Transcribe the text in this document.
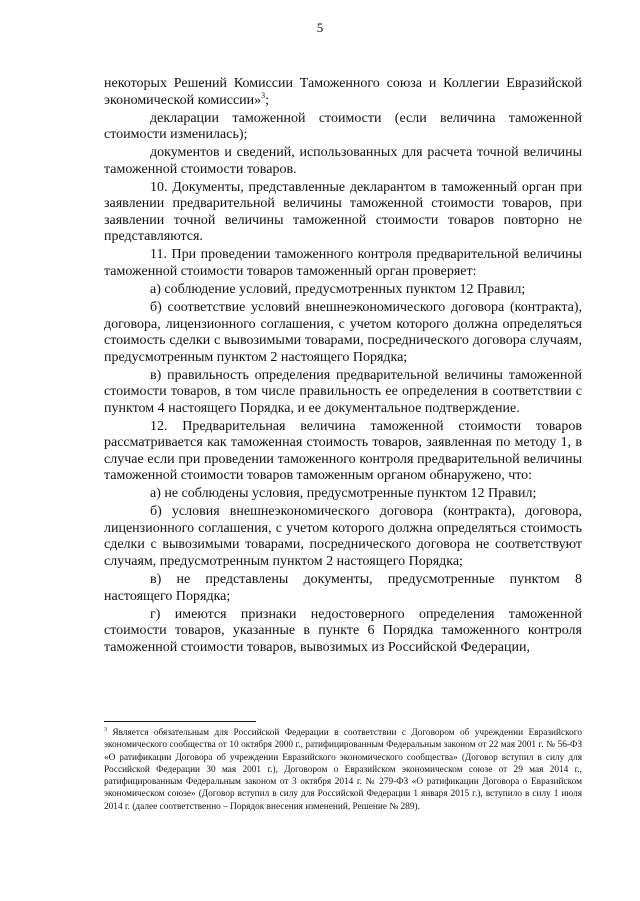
5

некоторых Решений Комиссии Таможенного союза и Коллегии Евразийской экономической комиссии»$^3$;

декларации таможенной стоимости (если величина таможенной стоимости изменилась);

документов и сведений, использованных для расчета точной величины таможенной стоимости товаров.

10. Документы, представленные декларантом в таможенный орган при заявлении предварительной величины таможенной стоимости товаров, при заявлении точной величины таможенной стоимости товаров повторно не представляются.

11. При проведении таможенного контроля предварительной величины таможенной стоимости товаров таможенный орган проверяет:

а) соблюдение условий, предусмотренных пунктом 12 Правил;

б) соответствие условий внешнеэкономического договора (контракта), договора, лицензионного соглашения, с учетом которого должна определяться стоимость сделки с вывозимыми товарами, посреднического договора случаям, предусмотренным пунктом 2 настоящего Порядка;

в) правильность определения предварительной величины таможенной стоимости товаров, в том числе правильность ее определения в соответствии с пунктом 4 настоящего Порядка, и ее документальное подтверждение.

12. Предварительная величина таможенной стоимости товаров рассматривается как таможенная стоимость товаров, заявленная по методу 1, в случае если при проведении таможенного контроля предварительной величины таможенной стоимости товаров таможенным органом обнаружено, что:

а) не соблюдены условия, предусмотренные пунктом 12 Правил;

б) условия внешнеэкономического договора (контракта), договора, лицензионного соглашения, с учетом которого должна определяться стоимость сделки с вывозимыми товарами, посреднического договора не соответствуют случаям, предусмотренным пунктом 2 настоящего Порядка;

в) не представлены документы, предусмотренные пунктом 8 настоящего Порядка;

г) имеются признаки недостоверного определения таможенной стоимости товаров, указанные в пункте 6 Порядка таможенного контроля таможенной стоимости товаров, вывозимых из Российской Федерации,

$^3$ Является обязательным для Российской Федерации в соответствии с Договором об учреждении Евразийского экономического сообщества от 10 октября 2000 г., ратифицированным Федеральным законом от 22 мая 2001 г. № 56-ФЗ «О ратификации Договора об учреждении Евразийского экономического сообщества» (Договор вступил в силу для Российской Федерации 30 мая 2001 г.), Договором о Евразийском экономическом союзе от 29 мая 2014 г., ратифицированным Федеральным законом от 3 октября 2014 г. № 279-ФЗ «О ратификации Договора о Евразийском экономическом союзе» (Договор вступил в силу для Российской Федерации 1 января 2015 г.), вступило в силу 1 июля 2014 г. (далее соответственно – Порядок внесения изменений, Решение № 289).
